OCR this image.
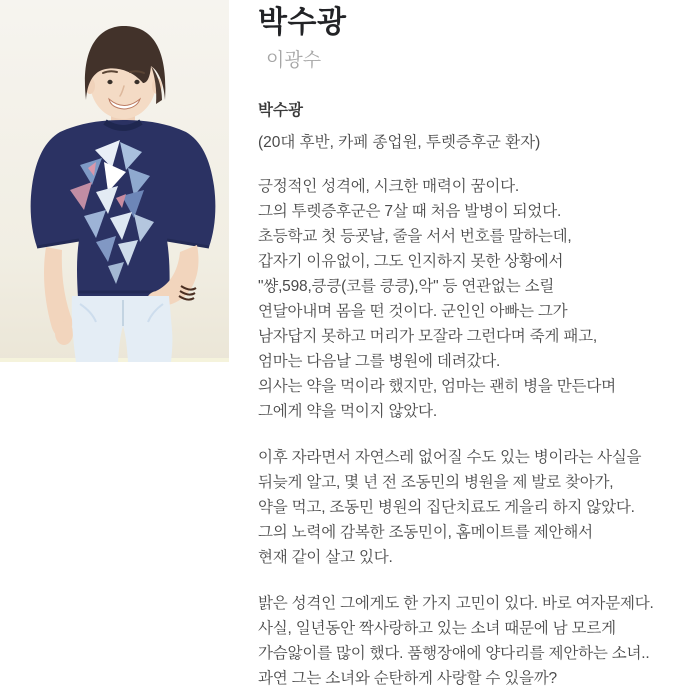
박수광
이광수
박수광
(20대 후반, 카페 종업원, 투렛증후군 환자)

긍정적인 성격에, 시크한 매력이 꿈이다.
그의 투렛증후군은 7살 때 처음 발병이 되었다.
초등학교 첫 등굣날, 줄을 서서 번호를 말하는데,
갑자기 이유없이, 그도 인지하지 못한 상황에서
"썅,598,킁킁(코를 킁킁),악" 등 연관없는 소릴
연달아내며 몸을 떤 것이다. 군인인 아빠는 그가
남자답지 못하고 머리가 모잘라 그런다며 죽게 패고,
엄마는 다음날 그를 병원에 데려갔다.
의사는 약을 먹이라 했지만, 엄마는 괜히 병을 만든다며
그에게 약을 먹이지 않았다.

이후 자라면서 자연스레 없어질 수도 있는 병이라는 사실을
뒤늦게 알고, 몇 년 전 조동민의 병원을 제 발로 찾아가,
약을 먹고, 조동민 병원의 집단치료도 게을리 하지 않았다.
그의 노력에 감복한 조동민이, 홈메이트를 제안해서
현재 같이 살고 있다.

밝은 성격인 그에게도 한 가지 고민이 있다. 바로 여자문제다.
사실, 일년동안 짝사랑하고 있는 소녀 때문에 남 모르게
가슴앓이를 많이 했다. 품행장애에 양다리를 제안하는 소녀..
과연 그는 소녀와 순탄하게 사랑할 수 있을까?
